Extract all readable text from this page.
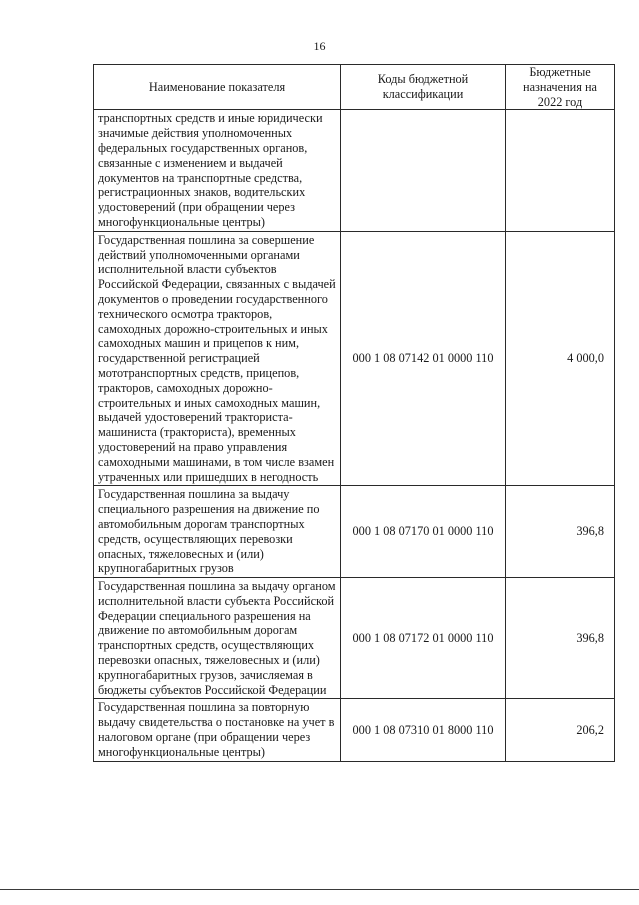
16
Наименование показателя	Коды бюджетной классификации	Бюджетные назначения на 2022 год
транспортных средств и иные юридически значимые действия уполномоченных федеральных государственных органов, связанные с изменением и выдачей документов на транспортные средства, регистрационных знаков, водительских удостоверений (при обращении через многофункциональные центры)		
Государственная пошлина за совершение действий уполномоченными органами исполнительной власти субъектов Российской Федерации, связанных с выдачей документов о проведении государственного технического осмотра тракторов, самоходных дорожно-строительных и иных самоходных машин и прицепов к ним, государственной регистрацией мототранспортных средств, прицепов, тракторов, самоходных дорожно-строительных и иных самоходных машин, выдачей удостоверений тракториста-машиниста (тракториста), временных удостоверений на право управления самоходными машинами, в том числе взамен утраченных или пришедших в негодность	000 1 08 07142 01 0000 110	4 000,0
Государственная пошлина за выдачу специального разрешения на движение по автомобильным дорогам транспортных средств, осуществляющих перевозки опасных, тяжеловесных и (или) крупногабаритных грузов	000 1 08 07170 01 0000 110	396,8
Государственная пошлина за выдачу органом исполнительной власти субъекта Российской Федерации специального разрешения на движение по автомобильным дорогам транспортных средств, осуществляющих перевозки опасных, тяжеловесных и (или) крупногабаритных грузов, зачисляемая в бюджеты субъектов Российской Федерации	000 1 08 07172 01 0000 110	396,8
Государственная пошлина за повторную выдачу свидетельства о постановке на учет в налоговом органе (при обращении через многофункциональные центры)	000 1 08 07310 01 8000 110	206,2
